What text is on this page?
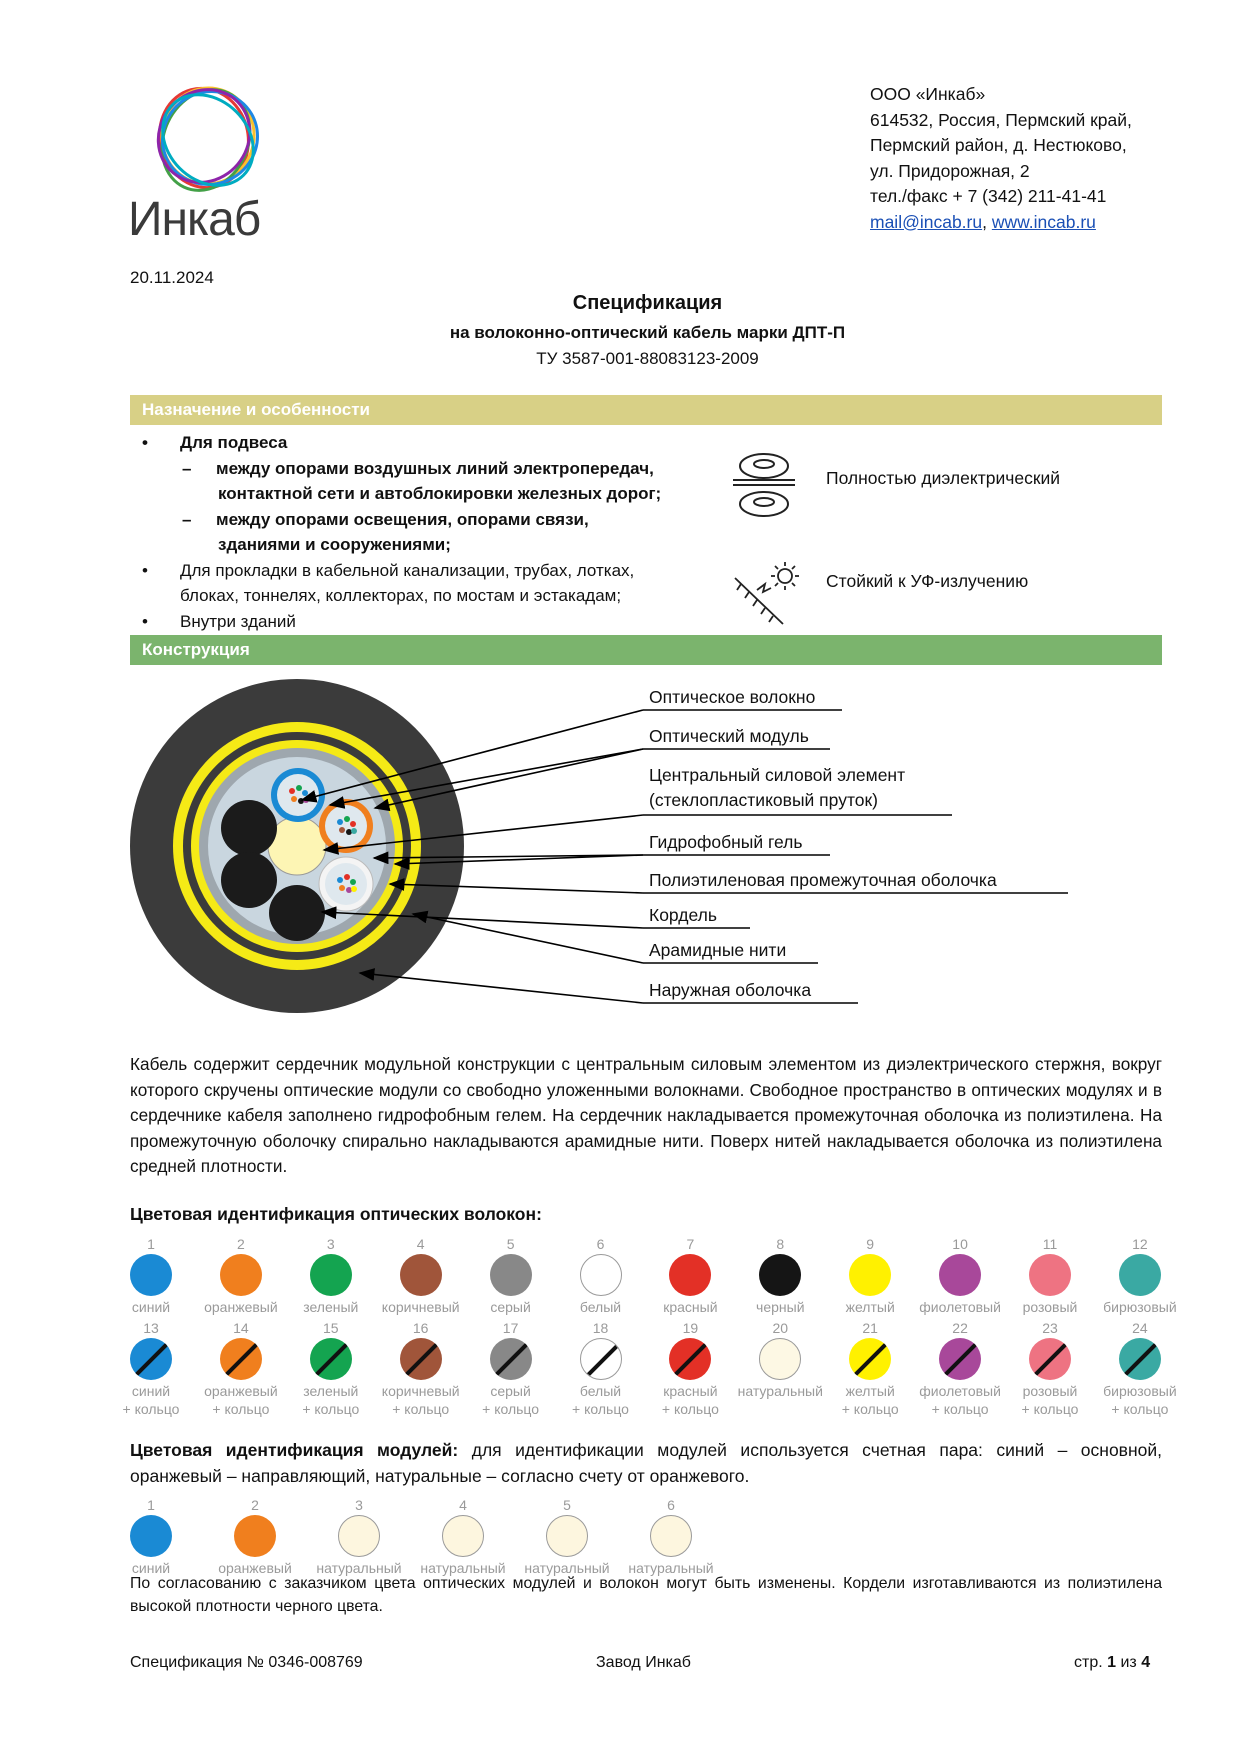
Инкаб
ООО «Инкаб»
614532, Россия, Пермский край,
Пермский район, д. Нестюково,
ул. Придорожная, 2
тел./факс + 7 (342) 211-41-41
mail@incab.ru, www.incab.ru
20.11.2024
Спецификация
на волоконно-оптический кабель марки ДПТ-П
ТУ 3587-001-88083123-2009
Назначение и особенности
• Для подвеса
– между опорами воздушных линий электропередач,
контактной сети и автоблокировки железных дорог;
– между опорами освещения, опорами связи,
зданиями и сооружениями;
• Для прокладки в кабельной канализации, трубах, лотках,
блоках, тоннелях, коллекторах, по мостам и эстакадам;
• Внутри зданий
Полностью диэлектрический
Стойкий к УФ-излучению
Конструкция
Оптическое волокно
Оптический модуль
Центральный силовой элемент
(стеклопластиковый пруток)
Гидрофобный гель
Полиэтиленовая промежуточная оболочка
Кордель
Арамидные нити
Наружная оболочка
Кабель содержит сердечник модульной конструкции с центральным силовым элементом из диэлектрического стержня, вокруг которого скручены оптические модули со свободно уложенными волокнами. Свободное пространство в оптических модулях и в сердечнике кабеля заполнено гидрофобным гелем. На сердечник накладывается промежуточная оболочка из полиэтилена. На промежуточную оболочку спирально накладываются арамидные нити. Поверх нитей накладывается оболочка из полиэтилена средней плотности.
Цветовая идентификация оптических волокон:
Цветовая идентификация модулей: для идентификации модулей используется счетная пара: синий – основной, оранжевый – направляющий, натуральные – согласно счету от оранжевого.
По согласованию с заказчиком цвета оптических модулей и волокон могут быть изменены. Кордели изготавливаются из полиэтилена высокой плотности черного цвета.
Спецификация № 0346-008769	Завод Инкаб	стр. 1 из 4
1
синий
2
оранжевый
3
зеленый
4
коричневый
5
серый
6
белый
7
красный
8
черный
9
желтый
10
фиолетовый
11
розовый
12
бирюзовый
13
синий
+ кольцо
14
оранжевый
+ кольцо
15
зеленый
+ кольцо
16
коричневый
+ кольцо
17
серый
+ кольцо
18
белый
+ кольцо
19
красный
+ кольцо
20
натуральный
21
желтый
+ кольцо
22
фиолетовый
+ кольцо
23
розовый
+ кольцо
24
бирюзовый
+ кольцо
1
синий
2
оранжевый
3
натуральный
4
натуральный
5
натуральный
6
натуральный
